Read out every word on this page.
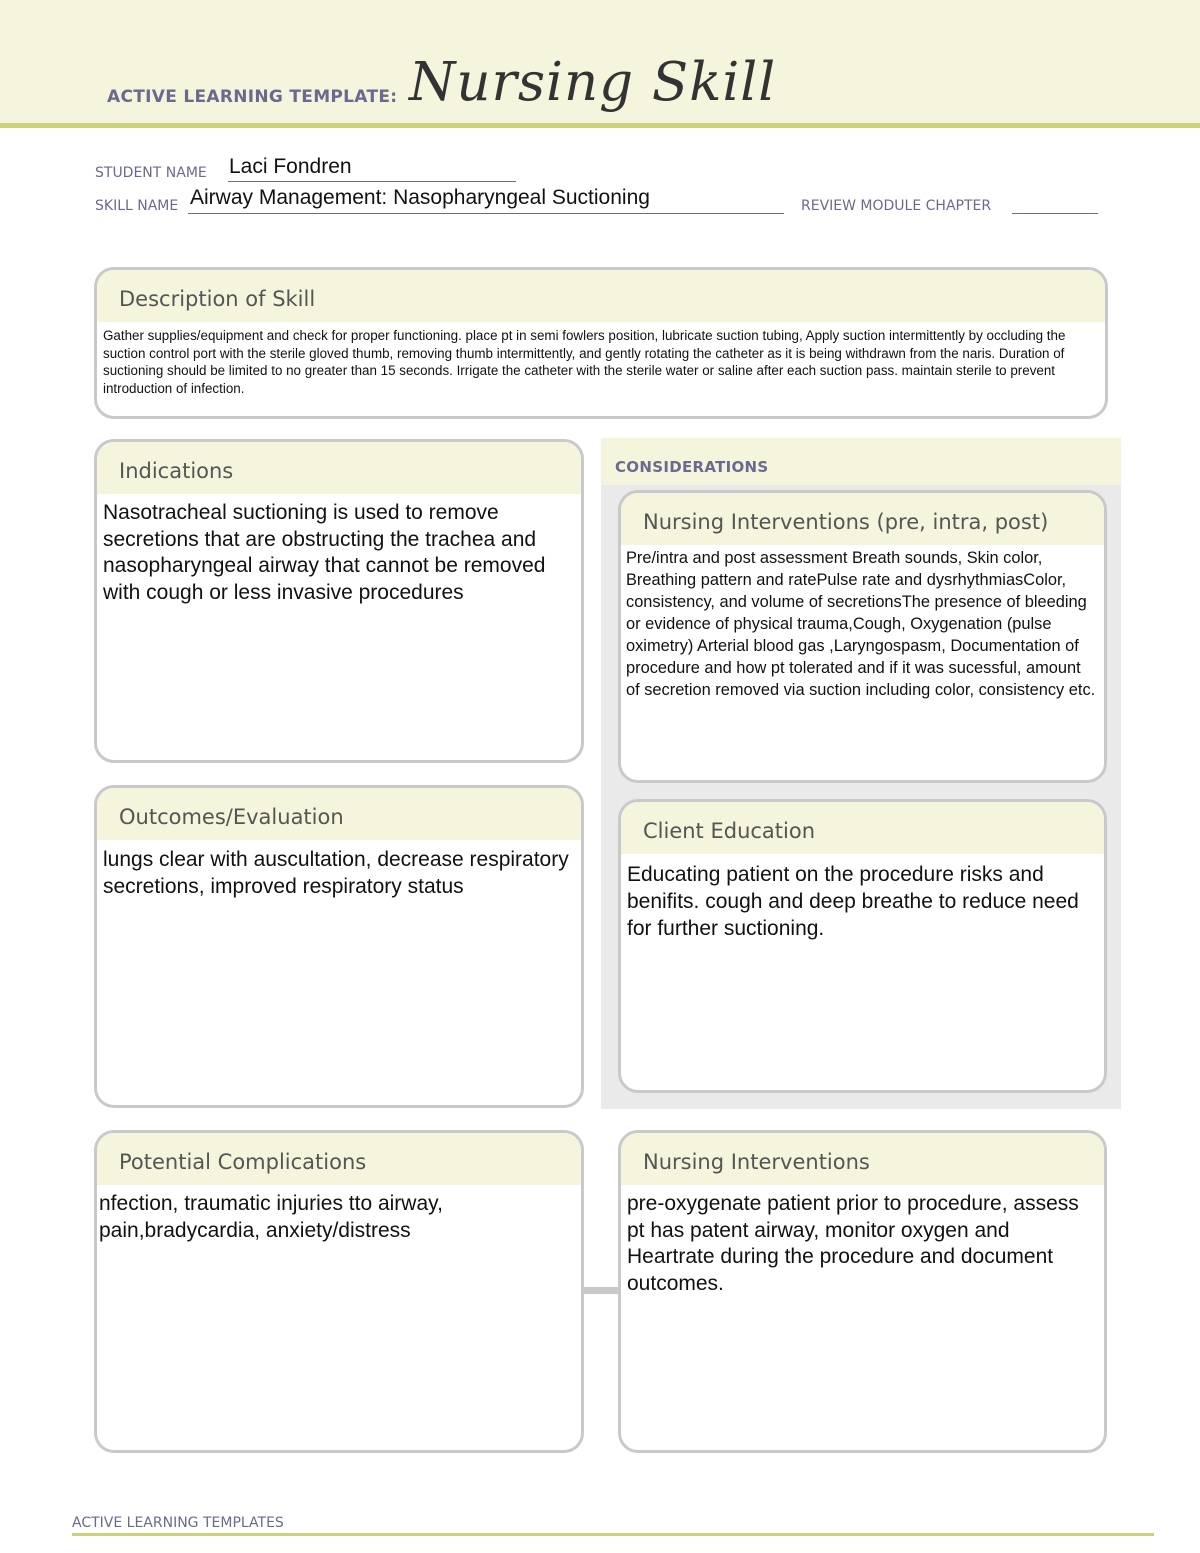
ACTIVE LEARNING TEMPLATE: Nursing Skill
STUDENT NAME Laci Fondren
SKILL NAME Airway Management: Nasopharyngeal Suctioning	REVIEW MODULE CHAPTER
Description of Skill
Gather supplies/equipment and check for proper functioning. place pt in semi fowlers position, lubricate suction tubing, Apply suction intermittently by occluding the suction control port with the sterile gloved thumb, removing thumb intermittently, and gently rotating the catheter as it is being withdrawn from the naris. Duration of suctioning should be limited to no greater than 15 seconds. Irrigate the catheter with the sterile water or saline after each suction pass. maintain sterile to prevent introduction of infection.
CONSIDERATIONS
Indications
Nasotracheal suctioning is used to remove secretions that are obstructing the trachea and nasopharyngeal airway that cannot be removed with cough or less invasive procedures
Nursing Interventions (pre, intra, post)
Pre/intra and post assessment Breath sounds, Skin color, Breathing pattern and ratePulse rate and dysrhythmiasColor, consistency, and volume of secretionsThe presence of bleeding or evidence of physical trauma,Cough, Oxygenation (pulse oximetry) Arterial blood gas ,Laryngospasm, Documentation of procedure and how pt tolerated and if it was sucessful, amount of secretion removed via suction including color, consistency etc.
Outcomes/Evaluation
lungs clear with auscultation, decrease respiratory secretions, improved respiratory status
Client Education
Educating patient on the procedure risks and benifits. cough and deep breathe to reduce need for further suctioning.
Potential Complications
nfection, traumatic injuries tto airway, pain,bradycardia, anxiety/distress
Nursing Interventions
pre-oxygenate patient prior to procedure, assess pt has patent airway, monitor oxygen and Heartrate during the procedure and document outcomes.
ACTIVE LEARNING TEMPLATES
